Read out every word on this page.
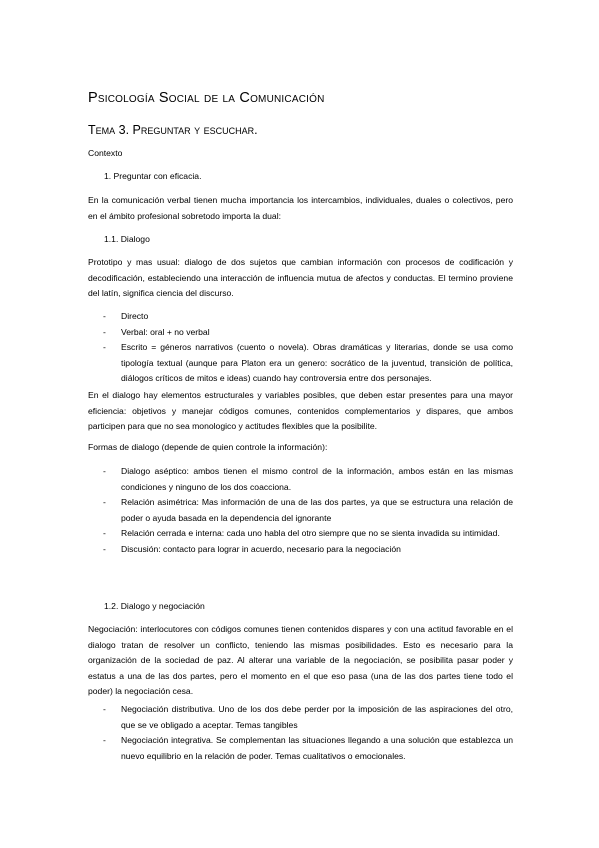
Psicología Social de la Comunicación
Tema 3. Preguntar y escuchar.
Contexto
1. Preguntar con eficacia.
En la comunicación verbal tienen mucha importancia los intercambios, individuales, duales o colectivos, pero en el ámbito profesional sobretodo importa la dual:
1.1. Dialogo
Prototipo y mas usual: dialogo de dos sujetos que cambian información con procesos de codificación y decodificación, estableciendo una interacción de influencia mutua de afectos y conductas. El termino proviene del latín, significa ciencia del discurso.
- Directo
- Verbal: oral + no verbal
- Escrito = géneros narrativos (cuento o novela). Obras dramáticas y literarias, donde se usa como tipología textual (aunque para Platon era un genero: socrático de la juventud, transición de política, diálogos críticos de mitos e ideas) cuando hay controversia entre dos personajes.
En el dialogo hay elementos estructurales y variables posibles, que deben estar presentes para una mayor eficiencia: objetivos y manejar códigos comunes, contenidos complementarios y dispares, que ambos participen para que no sea monologico y actitudes flexibles que la posibilite.
Formas de dialogo (depende de quien controle la información):
- Dialogo aséptico: ambos tienen el mismo control de la información, ambos están en las mismas condiciones y ninguno de los dos coacciona.
- Relación asimétrica: Mas información de una de las dos partes, ya que se estructura una relación de poder o ayuda basada en la dependencia del ignorante
- Relación cerrada e interna: cada uno habla del otro siempre que no se sienta invadida su intimidad.
- Discusión: contacto para lograr in acuerdo, necesario para la negociación
1.2. Dialogo y negociación
Negociación: interlocutores con códigos comunes tienen contenidos dispares y con una actitud favorable en el dialogo tratan de resolver un conflicto, teniendo las mismas posibilidades. Esto es necesario para la organización de la sociedad de paz. Al alterar una variable de la negociación, se posibilita pasar poder y estatus a una de las dos partes, pero el momento en el que eso pasa (una de las dos partes tiene todo el poder) la negociación cesa.
- Negociación distributiva. Uno de los dos debe perder por la imposición de las aspiraciones del otro, que se ve obligado a aceptar. Temas tangibles
- Negociación integrativa. Se complementan las situaciones llegando a una solución que establezca un nuevo equilibrio en la relación de poder. Temas cualitativos o emocionales.
